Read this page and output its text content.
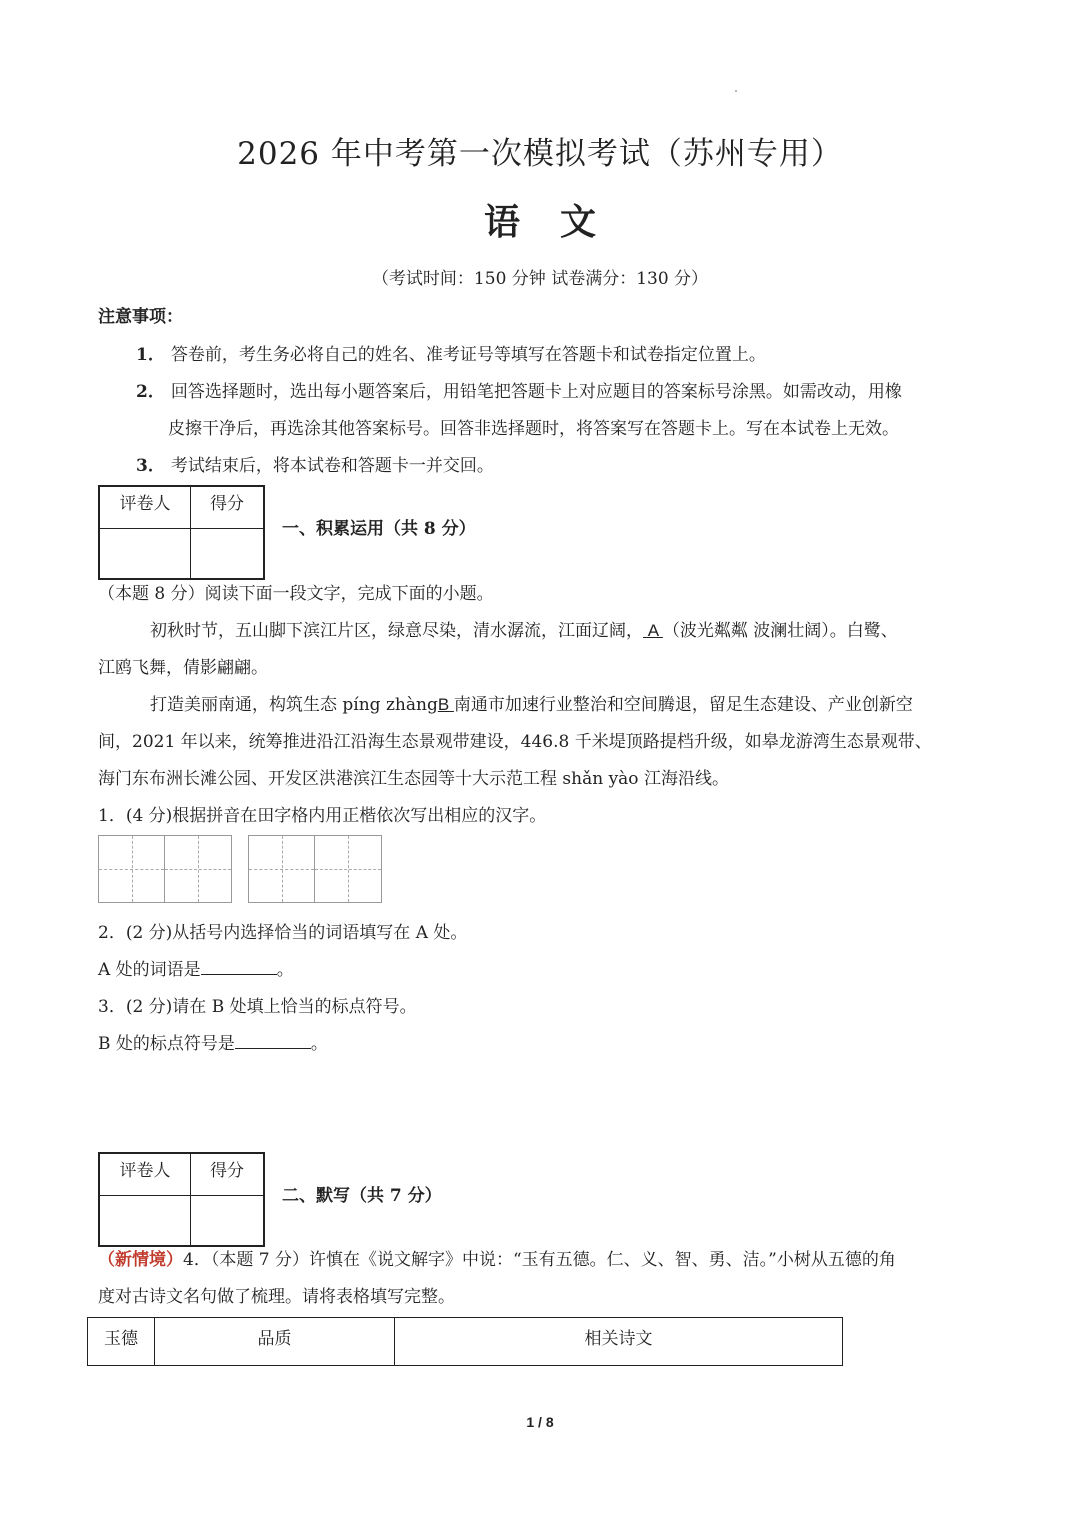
2026 年中考第一次模拟考试（苏州专用）
语文
（考试时间：150 分钟 试卷满分：130 分）
注意事项：
1． 答卷前，考生务必将自己的姓名、准考证号等填写在答题卡和试卷指定位置上。
2． 回答选择题时，选出每小题答案后，用铅笔把答题卡上对应题目的答案标号涂黑。如需改动，用橡
皮擦干净后，再选涂其他答案标号。回答非选择题时，将答案写在答题卡上。写在本试卷上无效。
3． 考试结束后，将本试卷和答题卡一并交回。
评卷人	得分

一、积累运用（共 8 分）
（本题 8 分）阅读下面一段文字，完成下面的小题。
初秋时节，五山脚下滨江片区，绿意尽染，清水潺流，江面辽阔， A （波光粼粼 波澜壮阔）。白鹭、
江鸥飞舞，倩影翩翩。
打造美丽南通，构筑生态 píng zhàngB 南通市加速行业整治和空间腾退，留足生态建设、产业创新空
间，2021 年以来，统筹推进沿江沿海生态景观带建设，446.8 千米堤顶路提档升级，如皋龙游湾生态景观带、
海门东布洲长滩公园、开发区洪港滨江生态园等十大示范工程 shǎn yào 江海沿线。
1．(4 分)根据拼音在田字格内用正楷依次写出相应的汉字。
2．(2 分)从括号内选择恰当的词语填写在 A 处。
A 处的词语是	。
3．(2 分)请在 B 处填上恰当的标点符号。
B 处的标点符号是	。
评卷人	得分

二、默写（共 7 分）
（新情境）4．（本题 7 分）许慎在《说文解字》中说：“玉有五德。仁、义、智、勇、洁。”小树从五德的角
度对古诗文名句做了梳理。请将表格填写完整。
玉德	品质	相关诗文
1 / 8
